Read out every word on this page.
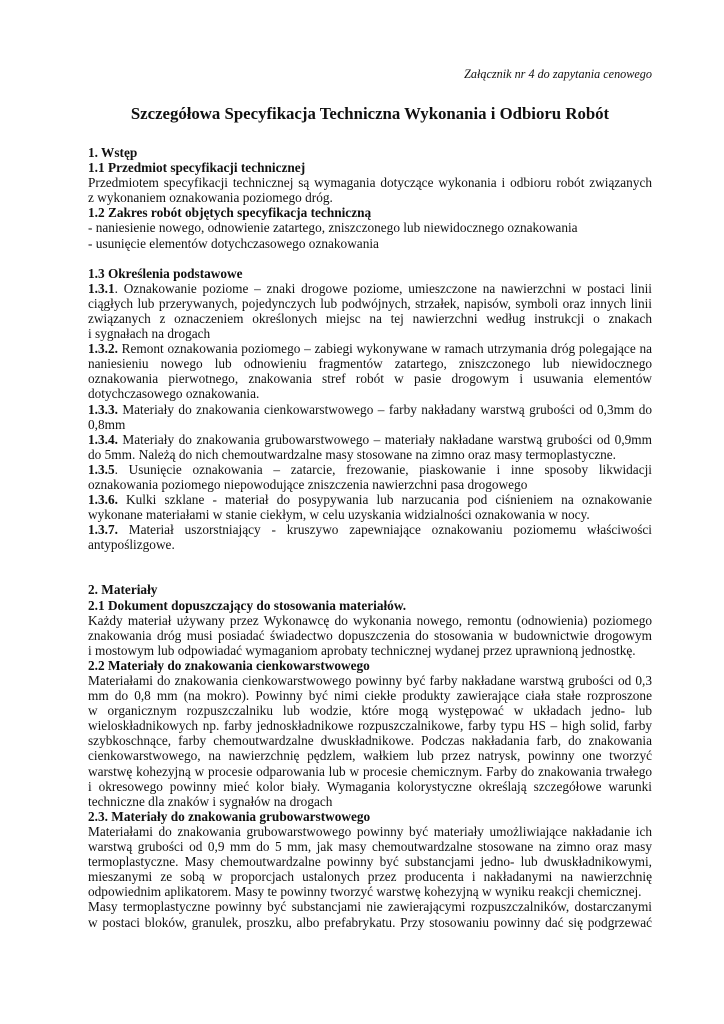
Załącznik nr 4 do zapytania cenowego

Szczegółowa Specyfikacja Techniczna Wykonania i Odbioru Robót
1. Wstęp
1.1 Przedmiot specyfikacji technicznej
Przedmiotem specyfikacji technicznej są wymagania dotyczące wykonania i odbioru robót związanych
z wykonaniem oznakowania poziomego dróg.
1.2 Zakres robót objętych specyfikacja techniczną
- naniesienie nowego, odnowienie zatartego, zniszczonego lub niewidocznego oznakowania
- usunięcie elementów dotychczasowego oznakowania
1.3 Określenia podstawowe
1.3.1. Oznakowanie poziome – znaki drogowe poziome, umieszczone na nawierzchni w postaci linii
ciągłych lub przerywanych, pojedynczych lub podwójnych, strzałek, napisów, symboli oraz innych linii
związanych z oznaczeniem określonych miejsc na tej nawierzchni według instrukcji o znakach
i sygnałach na drogach
1.3.2. Remont oznakowania poziomego – zabiegi wykonywane w ramach utrzymania dróg polegające na
naniesieniu nowego lub odnowieniu fragmentów zatartego, zniszczonego lub niewidocznego
oznakowania pierwotnego, znakowania stref robót w pasie drogowym i usuwania elementów
dotychczasowego oznakowania.
1.3.3. Materiały do znakowania cienkowarstwowego – farby nakładany warstwą grubości od 0,3mm do
0,8mm
1.3.4. Materiały do znakowania grubowarstwowego – materiały nakładane warstwą grubości od 0,9mm
do 5mm. Należą do nich chemoutwardzalne masy stosowane na zimno oraz masy termoplastyczne.
1.3.5. Usunięcie oznakowania – zatarcie, frezowanie, piaskowanie i inne sposoby likwidacji
oznakowania poziomego niepowodujące zniszczenia nawierzchni pasa drogowego
1.3.6. Kulki szklane - materiał do posypywania lub narzucania pod ciśnieniem na oznakowanie
wykonane materiałami w stanie ciekłym, w celu uzyskania widzialności oznakowania w nocy.
1.3.7. Materiał uszorstniający - kruszywo zapewniające oznakowaniu poziomemu właściwości
antypoślizgowe.
2. Materiały
2.1 Dokument dopuszczający do stosowania materiałów.
Każdy materiał używany przez Wykonawcę do wykonania nowego, remontu (odnowienia) poziomego
znakowania dróg musi posiadać świadectwo dopuszczenia do stosowania w budownictwie drogowym
i mostowym lub odpowiadać wymaganiom aprobaty technicznej wydanej przez uprawnioną jednostkę.
2.2 Materiały do znakowania cienkowarstwowego
Materiałami do znakowania cienkowarstwowego powinny być farby nakładane warstwą grubości od 0,3
mm do 0,8 mm (na mokro). Powinny być nimi ciekłe produkty zawierające ciała stałe rozproszone
w organicznym rozpuszczalniku lub wodzie, które mogą występować w układach jedno- lub
wieloskładnikowych np. farby jednoskładnikowe rozpuszczalnikowe, farby typu HS – high solid, farby
szybkoschnące, farby chemoutwardzalne dwuskładnikowe. Podczas nakładania farb, do znakowania
cienkowarstwowego, na nawierzchnię pędzlem, wałkiem lub przez natrysk, powinny one tworzyć
warstwę kohezyjną w procesie odparowania lub w procesie chemicznym. Farby do znakowania trwałego
i okresowego powinny mieć kolor biały. Wymagania kolorystyczne określają szczegółowe warunki
techniczne dla znaków i sygnałów na drogach
2.3. Materiały do znakowania grubowarstwowego
Materiałami do znakowania grubowarstwowego powinny być materiały umożliwiające nakładanie ich
warstwą grubości od 0,9 mm do 5 mm, jak masy chemoutwardzalne stosowane na zimno oraz masy
termoplastyczne. Masy chemoutwardzalne powinny być substancjami jedno- lub dwuskładnikowymi,
mieszanymi ze sobą w proporcjach ustalonych przez producenta i nakładanymi na nawierzchnię
odpowiednim aplikatorem. Masy te powinny tworzyć warstwę kohezyjną w wyniku reakcji chemicznej.
Masy termoplastyczne powinny być substancjami nie zawierającymi rozpuszczalników, dostarczanymi
w postaci bloków, granulek, proszku, albo prefabrykatu. Przy stosowaniu powinny dać się podgrzewać
